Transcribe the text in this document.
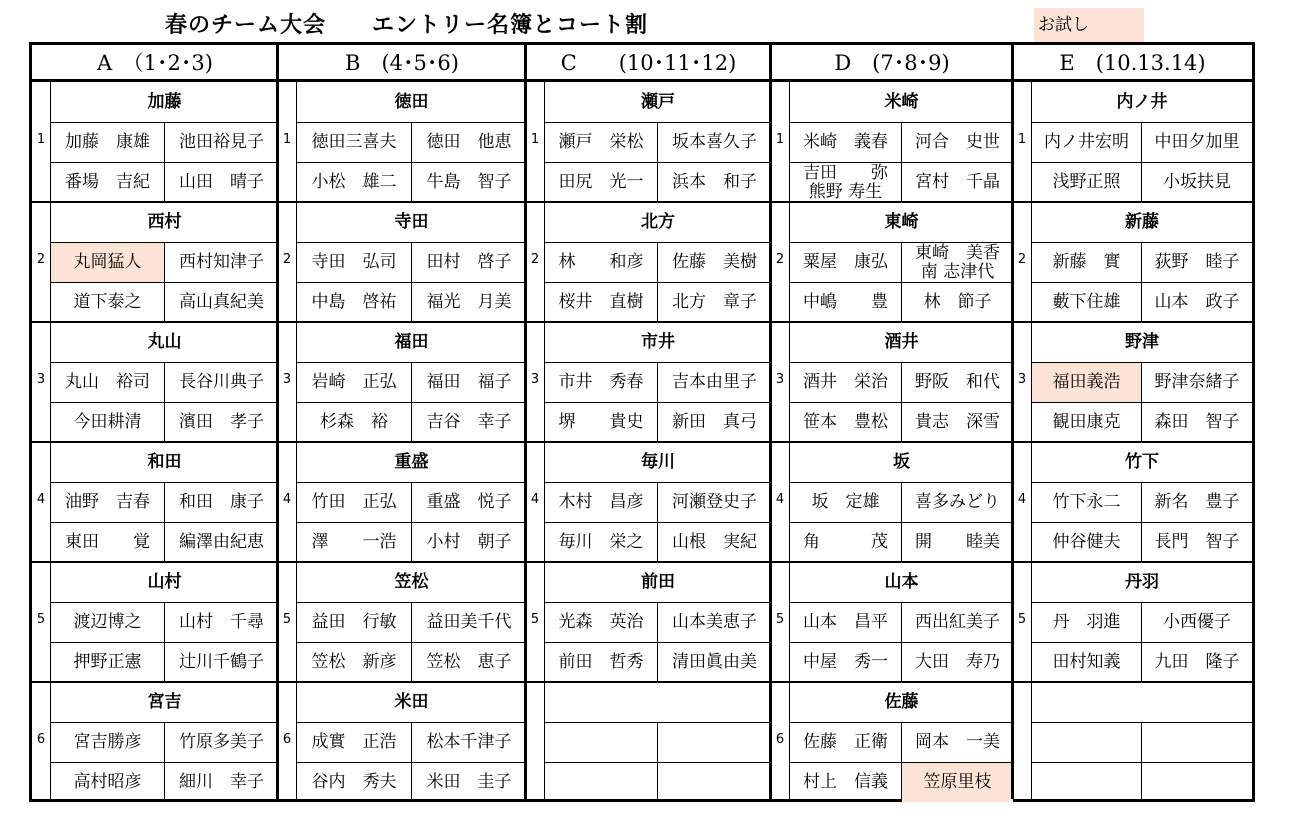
春のチーム大会　　エントリー名簿とコート割	お試し
A　（1･2･3)
1
加藤
加藤　康雄	池田裕見子
番場　吉紀	山田　晴子
2
西村
丸岡猛人	西村知津子
道下泰之	高山真紀美
3
丸山
丸山　裕司	長谷川典子
今田耕清	濱田　孝子
4
和田
油野　吉春	和田　康子
東田　　覚	編澤由紀恵
5
山村
渡辺博之	山村　千尋
押野正憲	辻川千鶴子
6
宮吉
宮吉勝彦	竹原多美子
高村昭彦	細川　幸子
B　(4･5･6)
1
徳田
徳田三喜夫	徳田　他恵
小松　雄二	牛島　智子
2
寺田
寺田　弘司	田村　啓子
中島　啓祐	福光　月美
3
福田
岩崎　正弘	福田　福子
杉森　裕	吉谷　幸子
4
重盛
竹田　正弘	重盛　悦子
澤　　一浩	小村　朝子
5
笠松
益田　行敏	益田美千代
笠松　新彦	笠松　恵子
6
米田
成實　正浩	松本千津子
谷内　秀夫	米田　圭子
C　　(10･11･12)
1
瀬戸
瀬戸　栄松	坂本喜久子
田尻　光一	浜本　和子
2
北方
林　　和彦	佐藤　美樹
桜井　直樹	北方　章子
3
市井
市井　秀春	吉本由里子
堺　　貴史	新田　真弓
4
毎川
木村　昌彦	河瀬登史子
毎川　栄之	山根　実紀
5
前田
光森　英治	山本美恵子
前田　哲秀	清田眞由美
D　(7･8･9)
1
米崎
米崎　義春	河合　史世
吉田　　弥
熊野 寿生	宮村　千晶
2
東崎
粟屋　康弘	東崎　美香
南 志津代
中嶋　　豊	林　節子
3
酒井
酒井　栄治	野阪　和代
笹本　豊松	貴志　深雪
4
坂
坂　定雄	喜多みどり
角　　　茂	開　　睦美
5
山本
山本　昌平	西出紅美子
中屋　秀一	大田　寿乃
6
佐藤
佐藤　正衛	岡本　一美
村上　信義	笠原里枝
E　(10.13.14)
1
内ノ井
内ノ井宏明	中田夕加里
浅野正照	小坂扶見
2
新藤
新藤　實	荻野　睦子
藪下住雄	山本　政子
3
野津
福田義浩	野津奈緒子
観田康克	森田　智子
4
竹下
竹下永二	新名　豊子
仲谷健夫	長門　智子
5
丹羽
丹　羽進	小西優子
田村知義	九田　隆子
